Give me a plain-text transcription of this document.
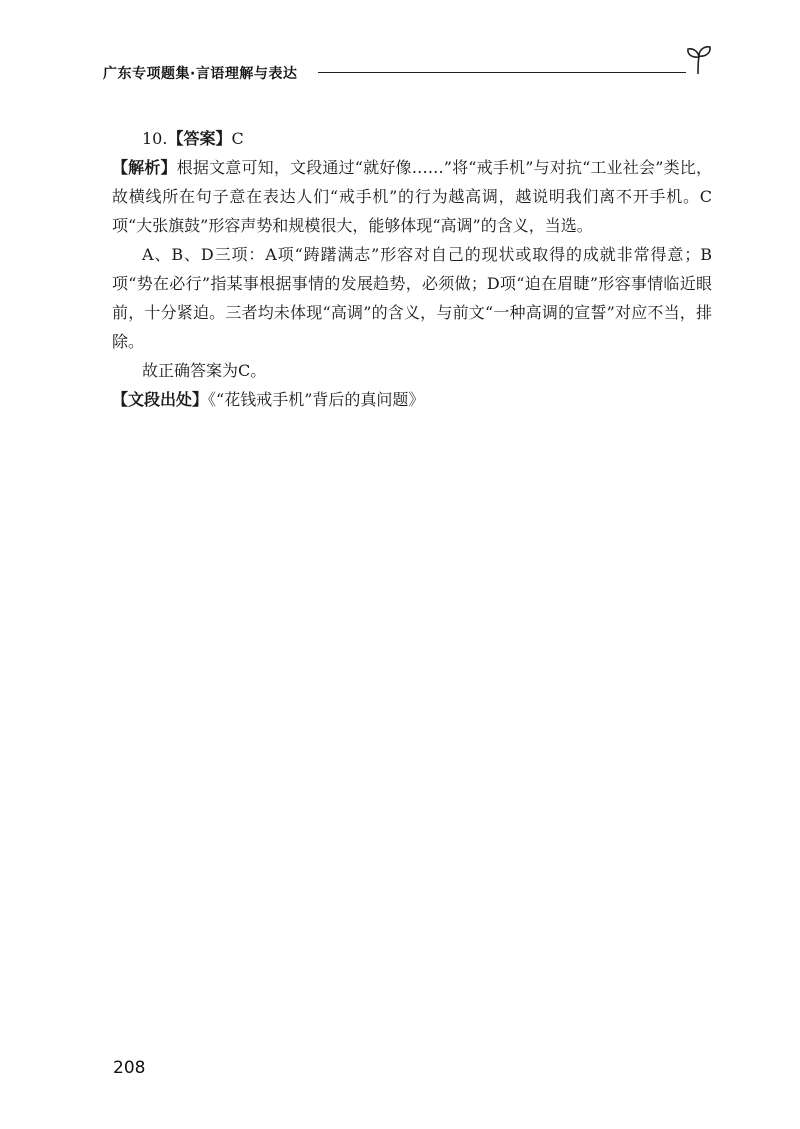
广东专项题集·言语理解与表达

10.【答案】C

【解析】根据文意可知，文段通过“就好像……”将“戒手机”与对抗“工业社会”类比，故横线所在句子意在表达人们“戒手机”的行为越高调，越说明我们离不开手机。C项“大张旗鼓”形容声势和规模很大，能够体现“高调”的含义，当选。

A、B、D三项：A项“踌躇满志”形容对自己的现状或取得的成就非常得意；B项“势在必行”指某事根据事情的发展趋势，必须做；D项“迫在眉睫”形容事情临近眼前，十分紧迫。三者均未体现“高调”的含义，与前文“一种高调的宣誓”对应不当，排除。

故正确答案为C。

【文段出处】《“花钱戒手机”背后的真问题》

208
